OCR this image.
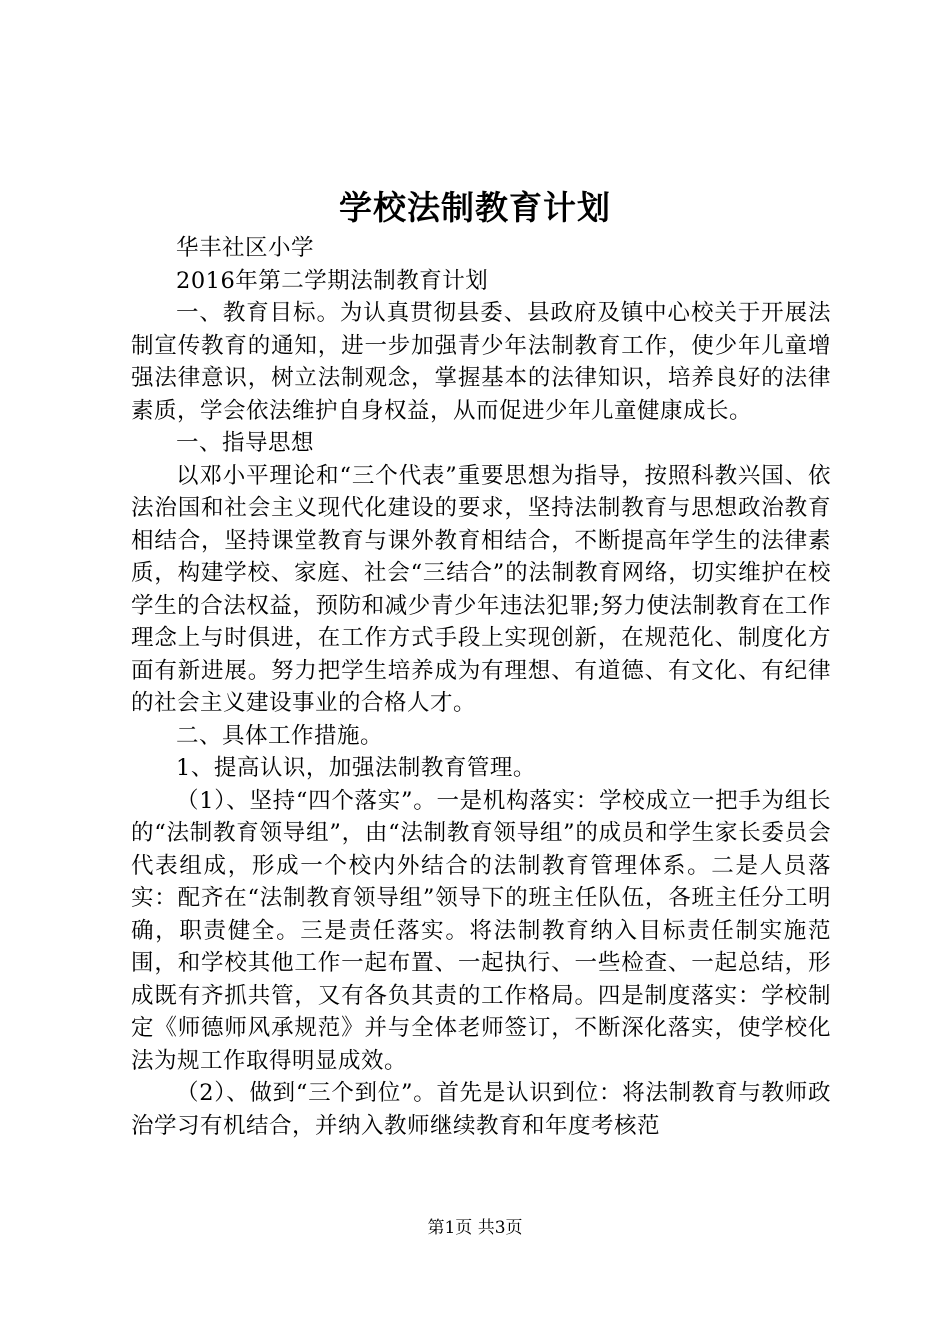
学校法制教育计划

华丰社区小学

2016年第二学期法制教育计划

一、教育目标。为认真贯彻县委、县政府及镇中心校关于开展法制宣传教育的通知，进一步加强青少年法制教育工作，使少年儿童增强法律意识，树立法制观念，掌握基本的法律知识，培养良好的法律素质，学会依法维护自身权益，从而促进少年儿童健康成长。

一、指导思想

以邓小平理论和“三个代表”重要思想为指导，按照科教兴国、依法治国和社会主义现代化建设的要求，坚持法制教育与思想政治教育相结合，坚持课堂教育与课外教育相结合，不断提高年学生的法律素质，构建学校、家庭、社会“三结合”的法制教育网络，切实维护在校学生的合法权益，预防和减少青少年违法犯罪;努力使法制教育在工作理念上与时俱进，在工作方式手段上实现创新，在规范化、制度化方面有新进展。努力把学生培养成为有理想、有道德、有文化、有纪律的社会主义建设事业的合格人才。

二、具体工作措施。

1、提高认识，加强法制教育管理。

（1）、坚持“四个落实”。一是机构落实：学校成立一把手为组长的“法制教育领导组”，由“法制教育领导组”的成员和学生家长委员会代表组成，形成一个校内外结合的法制教育管理体系。二是人员落实：配齐在“法制教育领导组”领导下的班主任队伍，各班主任分工明确，职责健全。三是责任落实。将法制教育纳入目标责任制实施范围，和学校其他工作一起布置、一起执行、一些检查、一起总结，形成既有齐抓共管，又有各负其责的工作格局。四是制度落实：学校制定《师德师风承规范》并与全体老师签订，不断深化落实，使学校化法为规工作取得明显成效。

（2）、做到“三个到位”。首先是认识到位：将法制教育与教师政治学习有机结合，并纳入教师继续教育和年度考核范

第1页 共3页
